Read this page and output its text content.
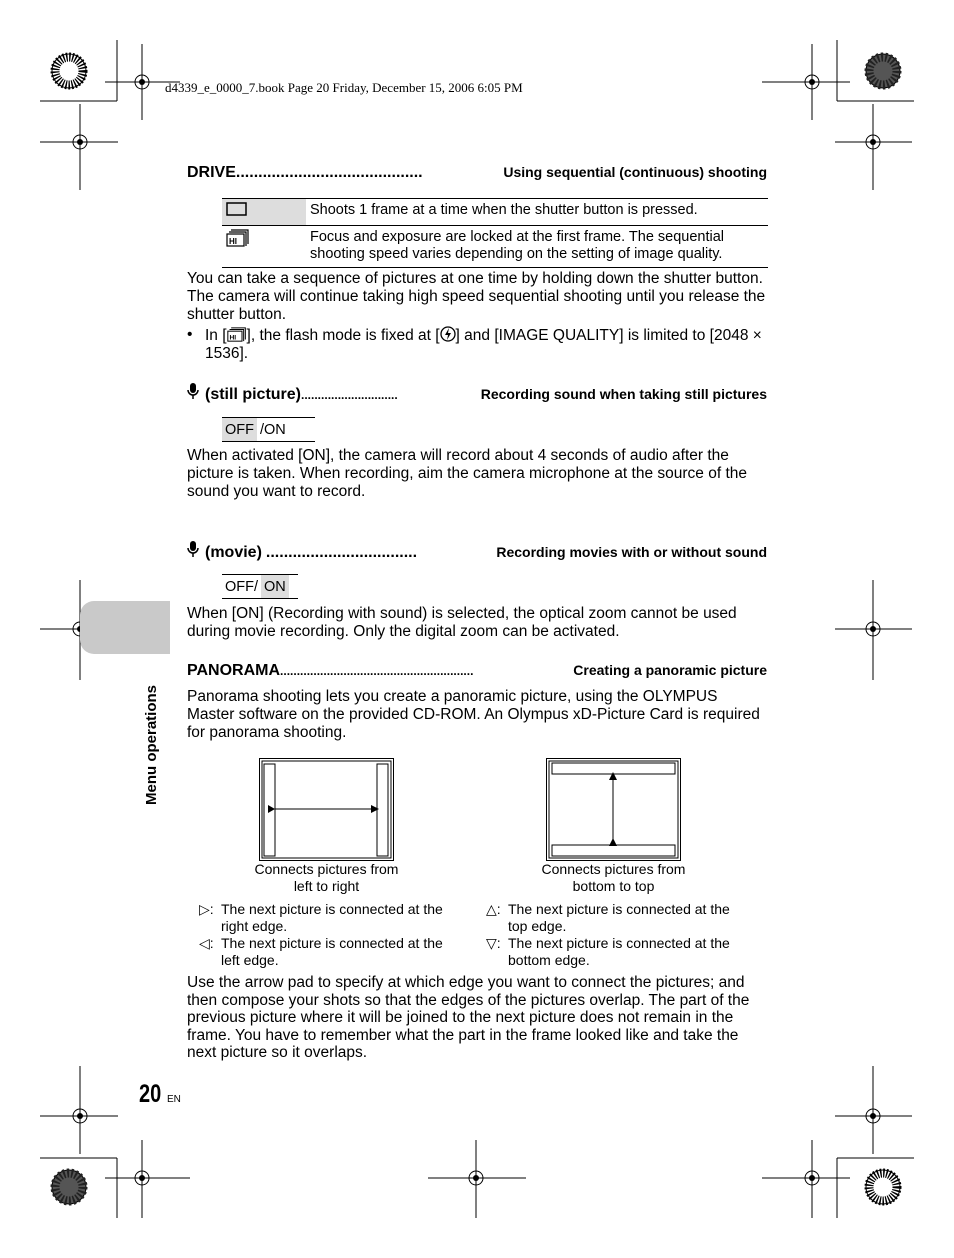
d4339_e_0000_7.book Page 20 Friday, December 15, 2006 6:05 PM
Menu operations
DRIVE ..........................................	Using sequential (continuous) shooting
	Shoots 1 frame at a time when the shutter button is pressed.

HI	Focus and exposure are locked at the first frame. The sequential shooting speed varies depending on the setting of image quality.
You can take a sequence of pictures at one time by holding down the shutter button. The camera will continue taking high speed sequential shooting until you release the shutter button.
• In [ HI ], the flash mode is fixed at [ ] and [IMAGE QUALITY] is limited to [2048 × 1536].
(still picture) .............................	Recording sound when taking still pictures
OFF /ON
When activated [ON], the camera will record about 4 seconds of audio after the picture is taken. When recording, aim the camera microphone at the source of the sound you want to record.
(movie) ..................................	Recording movies with or without sound
OFF/ ON
When [ON] (Recording with sound) is selected, the optical zoom cannot be used during movie recording. Only the digital zoom can be activated.
PANORAMA ..........................................................	Creating a panoramic picture
Panorama shooting lets you create a panoramic picture, using the OLYMPUS Master software on the provided CD-ROM. An Olympus xD-Picture Card is required for panorama shooting.
Connects pictures from left to right
Connects pictures from bottom to top
▷: The next picture is connected at the right edge.
◁: The next picture is connected at the left edge.
△: The next picture is connected at the top edge.
▽: The next picture is connected at the bottom edge.
Use the arrow pad to specify at which edge you want to connect the pictures; and then compose your shots so that the edges of the pictures overlap. The part of the previous picture where it will be joined to the next picture does not remain in the frame. You have to remember what the part in the frame looked like and take the next picture so it overlaps.
20 EN
